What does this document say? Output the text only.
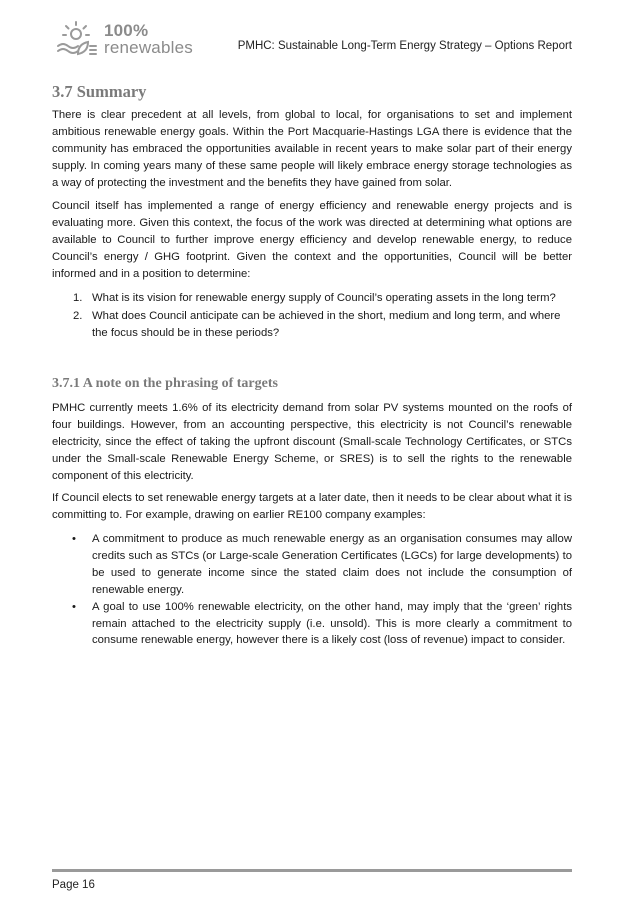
100%
renewables	PMHC: Sustainable Long-Term Energy Strategy – Options Report
3.7 Summary

There is clear precedent at all levels, from global to local, for organisations to set and implement ambitious renewable energy goals. Within the Port Macquarie-Hastings LGA there is evidence that the community has embraced the opportunities available in recent years to make solar part of their energy supply. In coming years many of these same people will likely embrace energy storage technologies as a way of protecting the investment and the benefits they have gained from solar.

Council itself has implemented a range of energy efficiency and renewable energy projects and is evaluating more. Given this context, the focus of the work was directed at determining what options are available to Council to further improve energy efficiency and develop renewable energy, to reduce Council’s energy / GHG footprint. Given the context and the opportunities, Council will be better informed and in a position to determine:

1. What is its vision for renewable energy supply of Council’s operating assets in the long term?
2. What does Council anticipate can be achieved in the short, medium and long term, and where the focus should be in these periods?
3.7.1 A note on the phrasing of targets

PMHC currently meets 1.6% of its electricity demand from solar PV systems mounted on the roofs of four buildings. However, from an accounting perspective, this electricity is not Council’s renewable electricity, since the effect of taking the upfront discount (Small-scale Technology Certificates, or STCs under the Small-scale Renewable Energy Scheme, or SRES) is to sell the rights to the renewable component of this electricity.

If Council elects to set renewable energy targets at a later date, then it needs to be clear about what it is committing to. For example, drawing on earlier RE100 company examples:

• A commitment to produce as much renewable energy as an organisation consumes may allow credits such as STCs (or Large-scale Generation Certificates (LGCs) for large developments) to be used to generate income since the stated claim does not include the consumption of renewable energy.
• A goal to use 100% renewable electricity, on the other hand, may imply that the ‘green’ rights remain attached to the electricity supply (i.e. unsold). This is more clearly a commitment to consume renewable energy, however there is a likely cost (loss of revenue) impact to consider.
Page 16
